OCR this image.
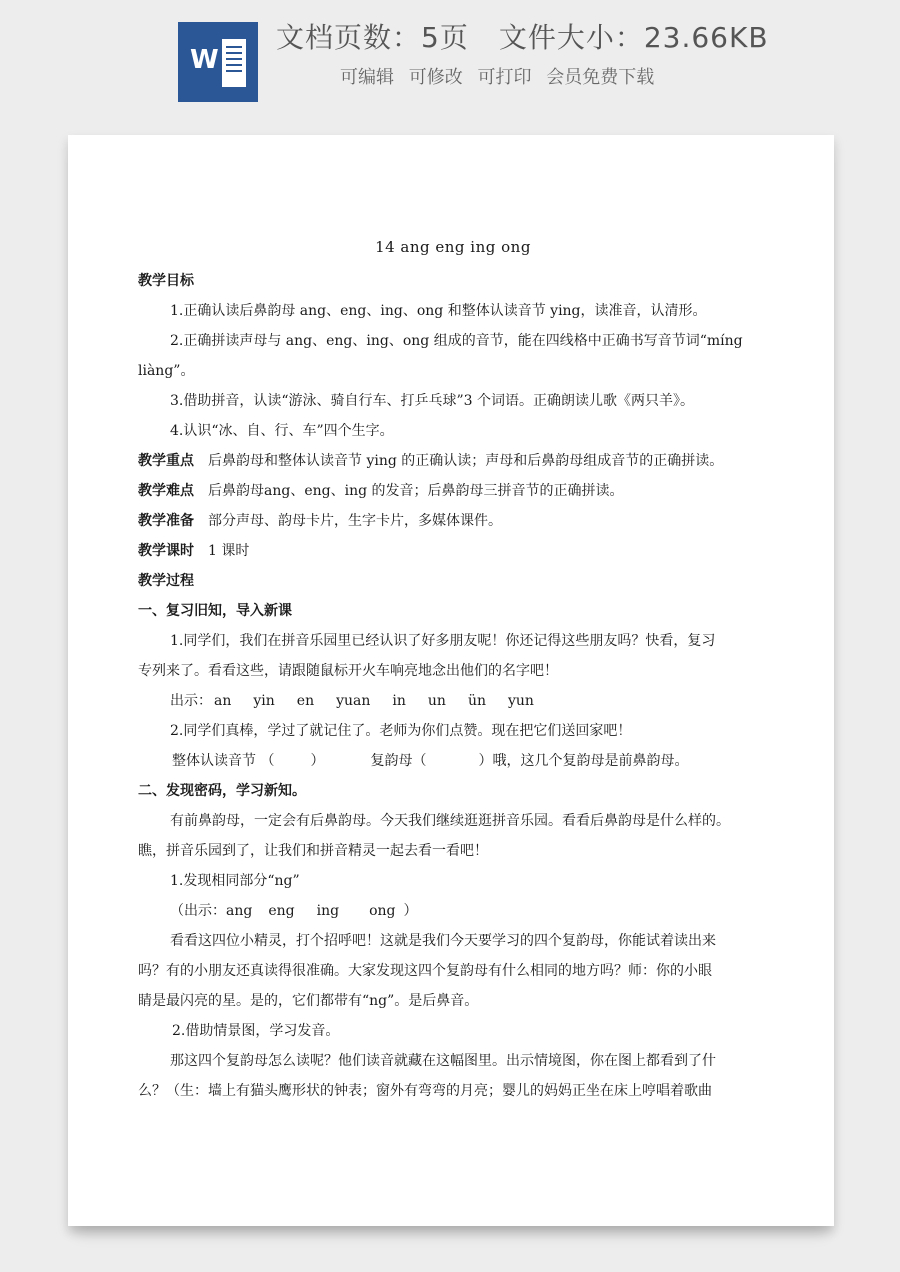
W
文档页数：5页 文件大小：23.66KB
可编辑 可修改 可打印 会员免费下载

14 ang eng ing ong

教学目标

1.正确认读后鼻韵母 ang、eng、ing、ong 和整体认读音节 ying，读准音，认清形。

2.正确拼读声母与 ang、eng、ing、ong 组成的音节，能在四线格中正确书写音节词“míng

liàng”。

3.借助拼音，认读“游泳、骑自行车、打乒乓球”3 个词语。正确朗读儿歌《两只羊》。

4.认识“冰、自、行、车”四个生字。

教学重点 后鼻韵母和整体认读音节 ying 的正确认读；声母和后鼻韵母组成音节的正确拼读。

教学难点 后鼻韵母ang、eng、ing 的发音；后鼻韵母三拼音节的正确拼读。

教学准备 部分声母、韵母卡片，生字卡片，多媒体课件。

教学课时 1 课时

教学过程

一、复习旧知，导入新课

1.同学们，我们在拼音乐园里已经认识了好多朋友呢！你还记得这些朋友吗？快看，复习

专列来了。看看这些，请跟随鼠标开火车响亮地念出他们的名字吧！

出示： an yin en yuan in un ün yun

2.同学们真棒，学过了就记住了。老师为你们点赞。现在把它们送回家吧！

整体认读音节 （	）	复韵母（	）哦，这几个复韵母是前鼻韵母。

二、发现密码，学习新知。

有前鼻韵母，一定会有后鼻韵母。今天我们继续逛逛拼音乐园。看看后鼻韵母是什么样的。

瞧，拼音乐园到了，让我们和拼音精灵一起去看一看吧！

1.发现相同部分“ng”

（出示：ang eng ing ong ）

看看这四位小精灵，打个招呼吧！这就是我们今天要学习的四个复韵母，你能试着读出来

吗？有的小朋友还真读得很准确。大家发现这四个复韵母有什么相同的地方吗？师：你的小眼

睛是最闪亮的星。是的，它们都带有“ng”。是后鼻音。

2.借助情景图，学习发音。

那这四个复韵母怎么读呢？他们读音就藏在这幅图里。出示情境图，你在图上都看到了什

么？（生：墙上有猫头鹰形状的钟表；窗外有弯弯的月亮；婴儿的妈妈正坐在床上哼唱着歌曲
